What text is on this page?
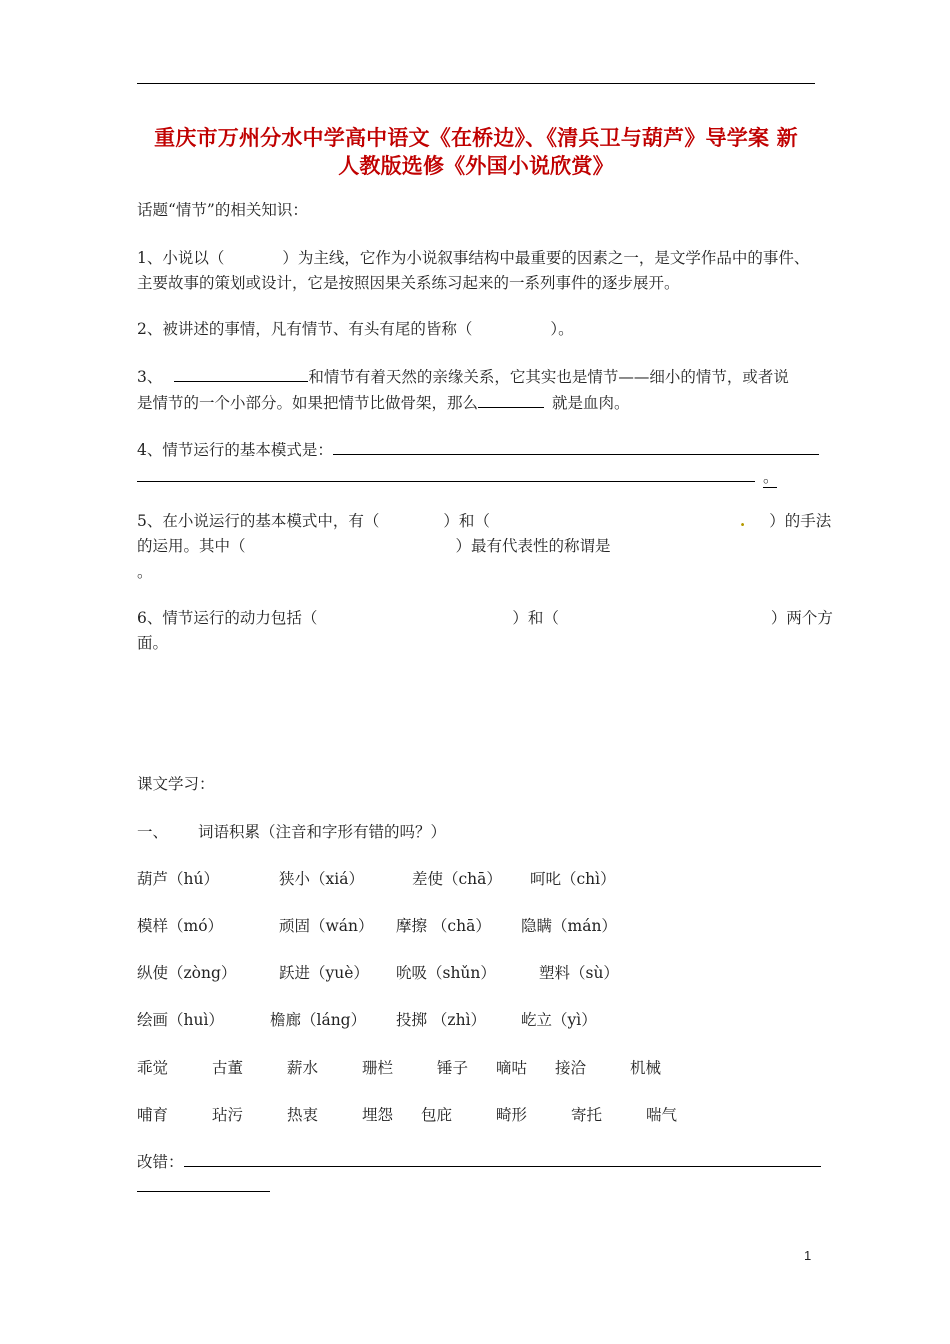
重庆市万州分水中学高中语文《在桥边》、《清兵卫与葫芦》导学案 新
人教版选修《外国小说欣赏》
话题“情节”的相关知识：
1、小说以（	）为主线，它作为小说叙事结构中最重要的因素之一，是文学作品中的事件、
主要故事的策划或设计，它是按照因果关系练习起来的一系列事件的逐步展开。
2、被讲述的事情，凡有情节、有头有尾的皆称（	）。
3、	和情节有着天然的亲缘关系，它其实也是情节——细小的情节，或者说
是情节的一个小部分。如果把情节比做骨架，那么	就是血肉。
4、情节运行的基本模式是：
。
5、在小说运行的基本模式中，有（	）和（	. ）的手法
的运用。其中（	）最有代表性的称谓是
。
6、情节运行的动力包括（	）和（	）两个方
面。
课文学习：
一、 词语积累（注音和字形有错的吗？）
葫芦（hú）	狭小（xiá）	差使（chā） 呵叱（chì）
模样（mó）	顽固（wán） 摩擦 （chā） 隐瞒（mán）
纵使（zòng）	跃进（yuè） 吮吸（shǔn）	塑料（sù）
绘画（huì）	檐廊（láng） 投掷 （zhì） 屹立（yì）
乖觉	古董	薪水	珊栏	锤子 嘀咕 接洽	机械
哺育	玷污	热衷	埋怨 包庇	畸形	寄托	喘气
改错：
1
